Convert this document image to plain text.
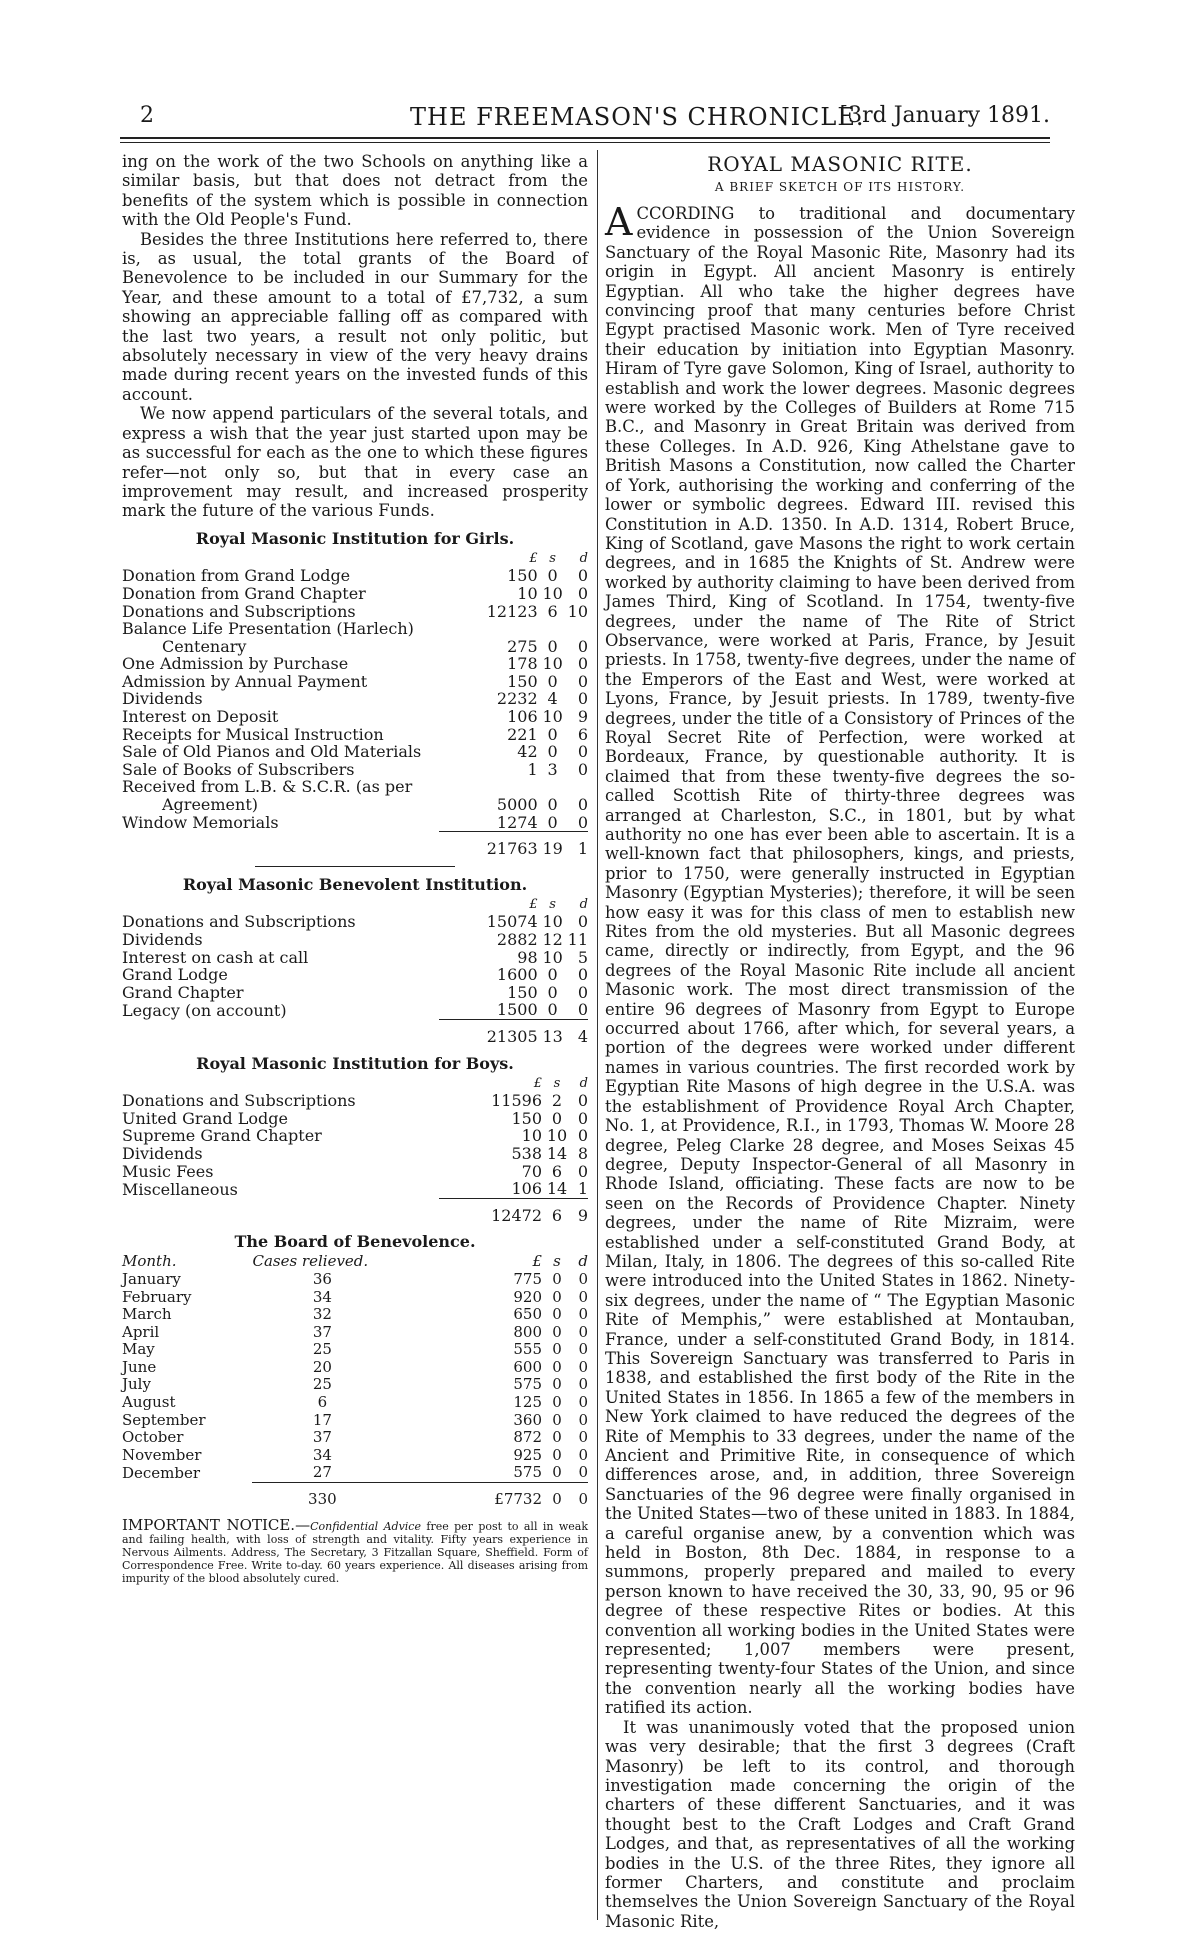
2	THE FREEMASON'S CHRONICLE.
[3rd January 1891.

ing on the work of the two Schools on anything like a similar basis, but that does not detract from the benefits of the system which is possible in connection with the Old People's Fund.

Besides the three Institutions here referred to, there is, as usual, the total grants of the Board of Benevolence to be included in our Summary for the Year, and these amount to a total of £7,732, a sum showing an appreciable falling off as compared with the last two years, a result not only politic, but absolutely necessary in view of the very heavy drains made during recent years on the invested funds of this account.

We now append particulars of the several totals, and express a wish that the year just started upon may be as successful for each as the one to which these figures refer—not only so, but that in every case an improvement may result, and increased prosperity mark the future of the various Funds.

Royal Masonic Institution for Girls.
	£	s	d
Donation from Grand Lodge	150	0	0
Donation from Grand Chapter	10	10	0
Donations and Subscriptions	12123	6	10
Balance Life Presentation (Harlech)			
Centenary	275	0	0
One Admission by Purchase	178	10	0
Admission by Annual Payment	150	0	0
Dividends	2232	4	0
Interest on Deposit	106	10	9
Receipts for Musical Instruction	221	0	6
Sale of Old Pianos and Old Materials	42	0	0
Sale of Books of Subscribers	1	3	0
Received from L.B. & S.C.R. (as per			
Agreement)	5000	0	0
Window Memorials	1274	0	0
	21763	19	1
Royal Masonic Benevolent Institution.
	£	s	d
Donations and Subscriptions	15074	10	0
Dividends	2882	12	11
Interest on cash at call	98	10	5
Grand Lodge	1600	0	0
Grand Chapter	150	0	0
Legacy (on account)	1500	0	0
	21305	13	4
Royal Masonic Institution for Boys.
	£	s	d
Donations and Subscriptions	11596	2	0
United Grand Lodge	150	0	0
Supreme Grand Chapter	10	10	0
Dividends	538	14	8
Music Fees	70	6	0
Miscellaneous	106	14	1
	12472	6	9
The Board of Benevolence.
Month.	Cases relieved.	£	s	d
January	36	775	0	0
February	34	920	0	0
March	32	650	0	0
April	37	800	0	0
May	25	555	0	0
June	20	600	0	0
July	25	575	0	0
August	6	125	0	0
September	17	360	0	0
October	37	872	0	0
November	34	925	0	0
December	27	575	0	0
	330	£7732	0	0
IMPORTANT NOTICE.—Confidential Advice free per post to all in weak and failing health, with loss of strength and vitality. Fifty years experience in Nervous Ailments. Address, The Secretary, 3 Fitzallan Square, Sheffield. Form of Correspondence Free. Write to-day. 60 years experience. All diseases arising from impurity of the blood absolutely cured.
ROYAL MASONIC RITE.
A BRIEF SKETCH OF ITS HISTORY.

ACCORDING to traditional and documentary evidence in possession of the Union Sovereign Sanctuary of the Royal Masonic Rite, Masonry had its origin in Egypt. All ancient Masonry is entirely Egyptian. All who take the higher degrees have convincing proof that many centuries before Christ Egypt practised Masonic work. Men of Tyre received their education by initiation into Egyptian Masonry. Hiram of Tyre gave Solomon, King of Israel, authority to establish and work the lower degrees. Masonic degrees were worked by the Colleges of Builders at Rome 715 B.C., and Masonry in Great Britain was derived from these Colleges. In A.D. 926, King Athelstane gave to British Masons a Constitution, now called the Charter of York, authorising the working and conferring of the lower or symbolic degrees. Edward III. revised this Constitution in A.D. 1350. In A.D. 1314, Robert Bruce, King of Scotland, gave Masons the right to work certain degrees, and in 1685 the Knights of St. Andrew were worked by authority claiming to have been derived from James Third, King of Scotland. In 1754, twenty-five degrees, under the name of The Rite of Strict Observance, were worked at Paris, France, by Jesuit priests. In 1758, twenty-five degrees, under the name of the Emperors of the East and West, were worked at Lyons, France, by Jesuit priests. In 1789, twenty-five degrees, under the title of a Consistory of Princes of the Royal Secret Rite of Perfection, were worked at Bordeaux, France, by questionable authority. It is claimed that from these twenty-five degrees the so-called Scottish Rite of thirty-three degrees was arranged at Charleston, S.C., in 1801, but by what authority no one has ever been able to ascertain. It is a well-known fact that philosophers, kings, and priests, prior to 1750, were generally instructed in Egyptian Masonry (Egyptian Mysteries); therefore, it will be seen how easy it was for this class of men to establish new Rites from the old mysteries. But all Masonic degrees came, directly or indirectly, from Egypt, and the 96 degrees of the Royal Masonic Rite include all ancient Masonic work. The most direct transmission of the entire 96 degrees of Masonry from Egypt to Europe occurred about 1766, after which, for several years, a portion of the degrees were worked under different names in various countries. The first recorded work by Egyptian Rite Masons of high degree in the U.S.A. was the establishment of Providence Royal Arch Chapter, No. 1, at Providence, R.I., in 1793, Thomas W. Moore 28 degree, Peleg Clarke 28 degree, and Moses Seixas 45 degree, Deputy Inspector-General of all Masonry in Rhode Island, officiating. These facts are now to be seen on the Records of Providence Chapter. Ninety degrees, under the name of Rite Mizraim, were established under a self-constituted Grand Body, at Milan, Italy, in 1806. The degrees of this so-called Rite were introduced into the United States in 1862. Ninety-six degrees, under the name of “ The Egyptian Masonic Rite of Memphis,” were established at Montauban, France, under a self-constituted Grand Body, in 1814. This Sovereign Sanctuary was transferred to Paris in 1838, and established the first body of the Rite in the United States in 1856. In 1865 a few of the members in New York claimed to have reduced the degrees of the Rite of Memphis to 33 degrees, under the name of the Ancient and Primitive Rite, in consequence of which differences arose, and, in addition, three Sovereign Sanctuaries of the 96 degree were finally organised in the United States—two of these united in 1883. In 1884, a careful organise anew, by a convention which was held in Boston, 8th Dec. 1884, in response to a summons, properly prepared and mailed to every person known to have received the 30, 33, 90, 95 or 96 degree of these respective Rites or bodies. At this convention all working bodies in the United States were represented; 1,007 members were present, representing twenty-four States of the Union, and since the convention nearly all the working bodies have ratified its action.

It was unanimously voted that the proposed union was very desirable; that the first 3 degrees (Craft Masonry) be left to its control, and thorough investigation made concerning the origin of the charters of these different Sanctuaries, and it was thought best to the Craft Lodges and Craft Grand Lodges, and that, as representatives of all the working bodies in the U.S. of the three Rites, they ignore all former Charters, and constitute and proclaim themselves the Union Sovereign Sanctuary of the Royal Masonic Rite,
